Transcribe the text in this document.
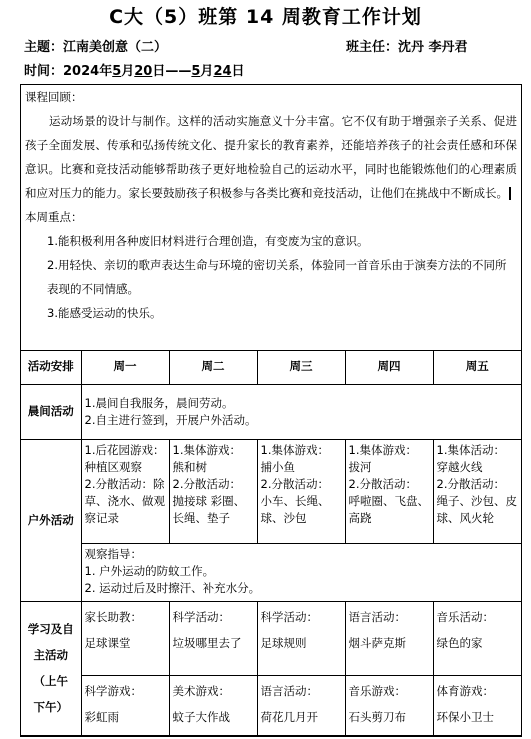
C大（5）班第 14 周教育工作计划
主题：江南美创意（二）	班主任：沈丹 李丹君
时间：2024年5月20日——5月24日

课程回顾：

运动场景的设计与制作。这样的活动实施意义十分丰富。它不仅有助于增强亲子关系、促进孩子全面发展、传承和弘扬传统文化、提升家长的教育素养，还能培养孩子的社会责任感和环保意识。比赛和竞技活动能够帮助孩子更好地检验自己的运动水平，同时也能锻炼他们的心理素质和应对压力的能力。家长要鼓励孩子积极参与各类比赛和竞技活动，让他们在挑战中不断成长。

本周重点：

1.能积极利用各种废旧材料进行合理创造，有变废为宝的意识。

2.用轻快、亲切的歌声表达生命与环境的密切关系，体验同一首音乐由于演奏方法的不同所表现的不同情感。

3.能感受运动的快乐。

活动安排	周一	周二	周三	周四	周五
晨间活动	1.晨间自我服务，晨间劳动。
2.自主进行签到，开展户外活动。				

户外活动	1.后花园游戏：种植区观察
2.分散活动：除草、浇水、做观察记录	1.集体游戏：
熊和树
2.分散活动：
抛接球 彩圈、长绳、垫子	1.集体游戏：
捕小鱼
2.分散活动：
小车、长绳、球、沙包	1.集体游戏：
拔河
2.分散活动：
呼啦圈、飞盘、高跷	1.集体活动：
穿越火线
2.分散活动：
绳子、沙包、皮球、风火轮

	观察指导：
1. 户外运动的防蚊工作。
2. 运动过后及时擦汗、补充水分。				

学习及自
主活动
（上午
下午）	家长助教：
足球课堂	科学活动：
垃圾哪里去了	科学活动：
足球规则	语言活动：
烟斗萨克斯	音乐活动：
绿色的家

	科学游戏：
彩虹雨	美术游戏：
蚊子大作战	语言活动：
荷花几月开	音乐游戏：
石头剪刀布	体育游戏：
环保小卫士
